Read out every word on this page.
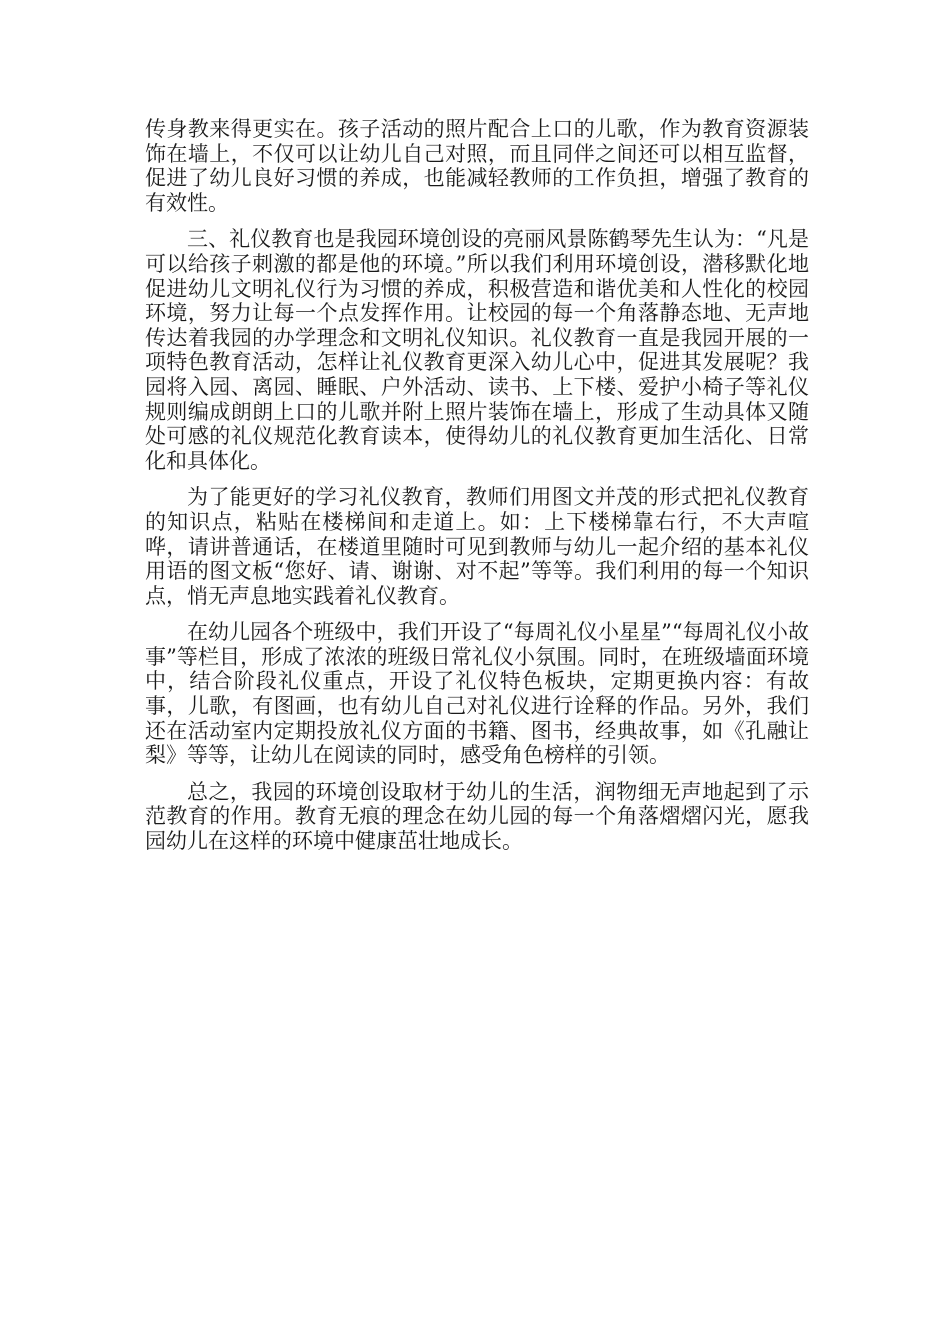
传身教来得更实在。孩子活动的照片配合上口的儿歌，作为教育资源装饰在墙上，不仅可以让幼儿自己对照，而且同伴之间还可以相互监督，促进了幼儿良好习惯的养成，也能减轻教师的工作负担，增强了教育的有效性。

三、礼仪教育也是我园环境创设的亮丽风景陈鹤琴先生认为：“凡是可以给孩子刺激的都是他的环境。”所以我们利用环境创设，潜移默化地促进幼儿文明礼仪行为习惯的养成，积极营造和谐优美和人性化的校园环境，努力让每一个点发挥作用。让校园的每一个角落静态地、无声地传达着我园的办学理念和文明礼仪知识。礼仪教育一直是我园开展的一项特色教育活动，怎样让礼仪教育更深入幼儿心中，促进其发展呢？我园将入园、离园、睡眠、户外活动、读书、上下楼、爱护小椅子等礼仪规则编成朗朗上口的儿歌并附上照片装饰在墙上，形成了生动具体又随处可感的礼仪规范化教育读本，使得幼儿的礼仪教育更加生活化、日常化和具体化。

为了能更好的学习礼仪教育，教师们用图文并茂的形式把礼仪教育的知识点，粘贴在楼梯间和走道上。如：上下楼梯靠右行，不大声喧哗，请讲普通话，在楼道里随时可见到教师与幼儿一起介绍的基本礼仪用语的图文板“您好、请、谢谢、对不起”等等。我们利用的每一个知识点，悄无声息地实践着礼仪教育。

在幼儿园各个班级中，我们开设了“每周礼仪小星星”“每周礼仪小故事”等栏目，形成了浓浓的班级日常礼仪小氛围。同时，在班级墙面环境中，结合阶段礼仪重点，开设了礼仪特色板块，定期更换内容：有故事，儿歌，有图画，也有幼儿自己对礼仪进行诠释的作品。另外，我们还在活动室内定期投放礼仪方面的书籍、图书，经典故事，如《孔融让梨》等等，让幼儿在阅读的同时，感受角色榜样的引领。

总之，我园的环境创设取材于幼儿的生活，润物细无声地起到了示范教育的作用。教育无痕的理念在幼儿园的每一个角落熠熠闪光，愿我园幼儿在这样的环境中健康茁壮地成长。
